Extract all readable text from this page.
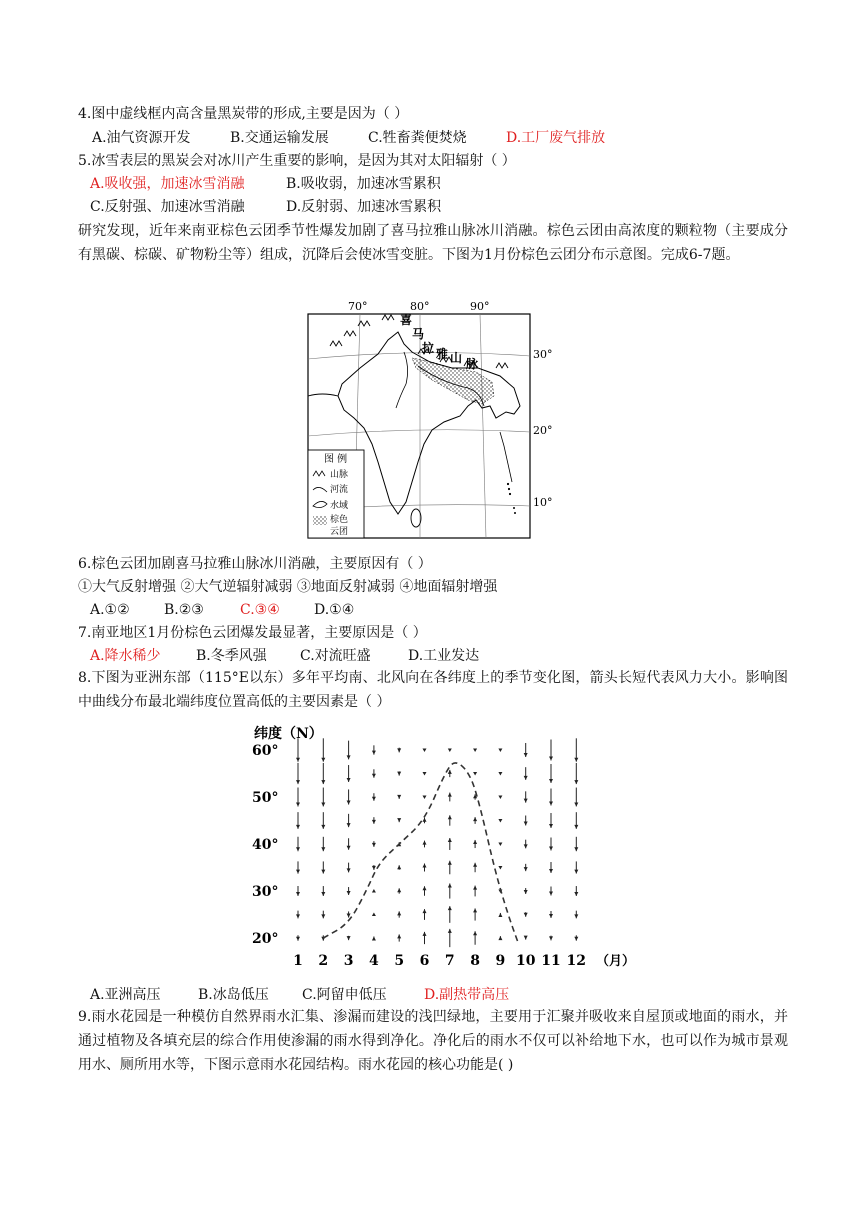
4.图中虚线框内高含量黑炭带的形成,主要是因为（ ）
A.油气资源开发	B.交通运输发展	C.牲畜粪便焚烧	D.工厂废气排放
5.冰雪表层的黑炭会对冰川产生重要的影响，是因为其对太阳辐射（ ）
A.吸收强，加速冰雪消融	B.吸收弱，加速冰雪累积
C.反射强、加速冰雪消融	D.反射弱、加速冰雪累积
研究发现，近年来南亚棕色云团季节性爆发加剧了喜马拉雅山脉冰川消融。棕色云团由高浓度的颗粒物（主要成分有黑碳、棕碳、矿物粉尘等）组成，沉降后会使冰雪变脏。下图为1月份棕色云团分布示意图。完成6-7题。
70°	80°	90°
喜
马
拉 雅 山 脉
30°
20°
10°
图 例
山脉
河流
水域
棕色
云团
6.棕色云团加剧喜马拉雅山脉冰川消融，主要原因有（ ）
①大气反射增强 ②大气逆辐射减弱 ③地面反射减弱 ④地面辐射增强
A.①② B.②③	C.③④ D.①④
7.南亚地区1月份棕色云团爆发最显著，主要原因是（ ）
A.降水稀少	B.冬季风强 C.对流旺盛	D.工业发达
8.下图为亚洲东部（115°E以东）多年平均南、北风向在各纬度上的季节变化图，箭头长短代表风力大小。影响图中曲线分布最北端纬度位置高低的主要因素是（ ）
纬度（N）
20°
30°
40°
50°
60°
1 2 3 4 5 6 7 8 9 10 11 12 （月）
A.亚洲高压	B.冰岛低压 C.阿留申低压	D.副热带高压
9.雨水花园是一种模仿自然界雨水汇集、渗漏而建设的浅凹绿地，主要用于汇聚并吸收来自屋顶或地面的雨水，并通过植物及各填充层的综合作用使渗漏的雨水得到净化。净化后的雨水不仅可以补给地下水，也可以作为城市景观用水、厕所用水等，下图示意雨水花园结构。雨水花园的核心功能是( )
